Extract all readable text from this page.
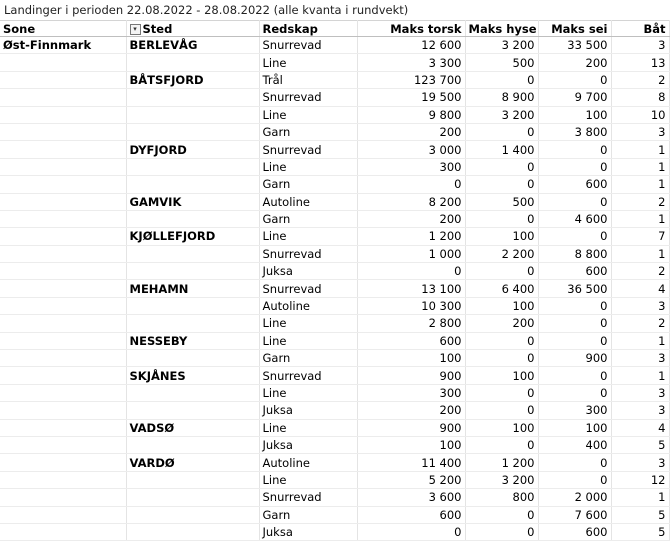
Landinger i perioden 22.08.2022 - 28.08.2022 (alle kvanta i rundvekt)
Sone	▾ Sted	Redskap	Maks torsk	Maks hyse	Maks sei	Båt
Øst-Finnmark	BERLEVÅG	Snurrevad	12 600	3 200	33 500	3
		Line	3 300	500	200	13
	BÅTSFJORD	Trål	123 700	0	0	2
		Snurrevad	19 500	8 900	9 700	8
		Line	9 800	3 200	100	10
		Garn	200	0	3 800	3
	DYFJORD	Snurrevad	3 000	1 400	0	1
		Line	300	0	0	1
		Garn	0	0	600	1
	GAMVIK	Autoline	8 200	500	0	2
		Garn	200	0	4 600	1
	KJØLLEFJORD	Line	1 200	100	0	7
		Snurrevad	1 000	2 200	8 800	1
		Juksa	0	0	600	2
	MEHAMN	Snurrevad	13 100	6 400	36 500	4
		Autoline	10 300	100	0	3
		Line	2 800	200	0	2
	NESSEBY	Line	600	0	0	1
		Garn	100	0	900	3
	SKJÅNES	Snurrevad	900	100	0	1
		Line	300	0	0	3
		Juksa	200	0	300	3
	VADSØ	Line	900	100	100	4
		Juksa	100	0	400	5
	VARDØ	Autoline	11 400	1 200	0	3
		Line	5 200	3 200	0	12
		Snurrevad	3 600	800	2 000	1
		Garn	600	0	7 600	5
		Juksa	0	0	600	5
